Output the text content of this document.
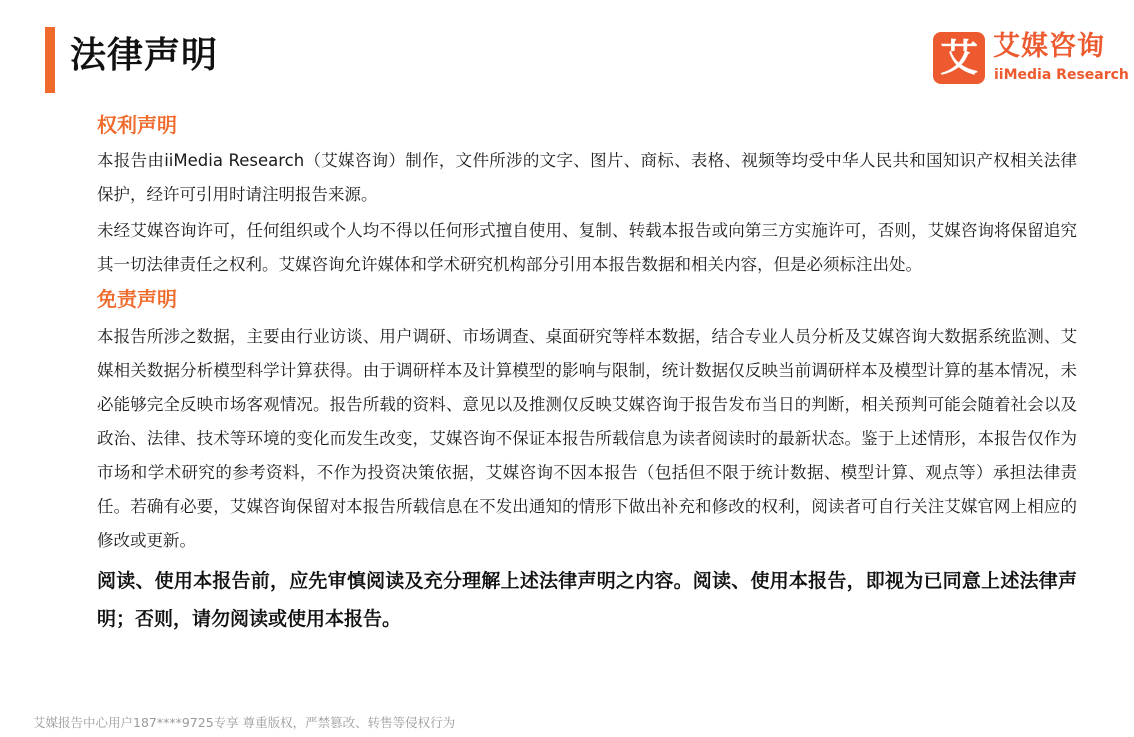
法律声明	艾 艾媒咨询
iiMedia Research
权利声明

本报告由iiMedia Research（艾媒咨询）制作，文件所涉的文字、图片、商标、表格、视频等均受中华人民共和国知识产权相关法律保护，经许可引用时请注明报告来源。

未经艾媒咨询许可，任何组织或个人均不得以任何形式擅自使用、复制、转载本报告或向第三方实施许可，否则，艾媒咨询将保留追究其一切法律责任之权利。艾媒咨询允许媒体和学术研究机构部分引用本报告数据和相关内容，但是必须标注出处。

免责声明

本报告所涉之数据，主要由行业访谈、用户调研、市场调查、桌面研究等样本数据，结合专业人员分析及艾媒咨询大数据系统监测、艾媒相关数据分析模型科学计算获得。由于调研样本及计算模型的影响与限制，统计数据仅反映当前调研样本及模型计算的基本情况，未必能够完全反映市场客观情况。报告所载的资料、意见以及推测仅反映艾媒咨询于报告发布当日的判断，相关预判可能会随着社会以及政治、法律、技术等环境的变化而发生改变，艾媒咨询不保证本报告所载信息为读者阅读时的最新状态。鉴于上述情形，本报告仅作为市场和学术研究的参考资料，不作为投资决策依据，艾媒咨询不因本报告（包括但不限于统计数据、模型计算、观点等）承担法律责任。若确有必要，艾媒咨询保留对本报告所载信息在不发出通知的情形下做出补充和修改的权利，阅读者可自行关注艾媒官网上相应的修改或更新。

阅读、使用本报告前，应先审慎阅读及充分理解上述法律声明之内容。阅读、使用本报告，即视为已同意上述法律声明；否则，请勿阅读或使用本报告。

艾媒报告中心用户187****9725专享 尊重版权，严禁篡改、转售等侵权行为
